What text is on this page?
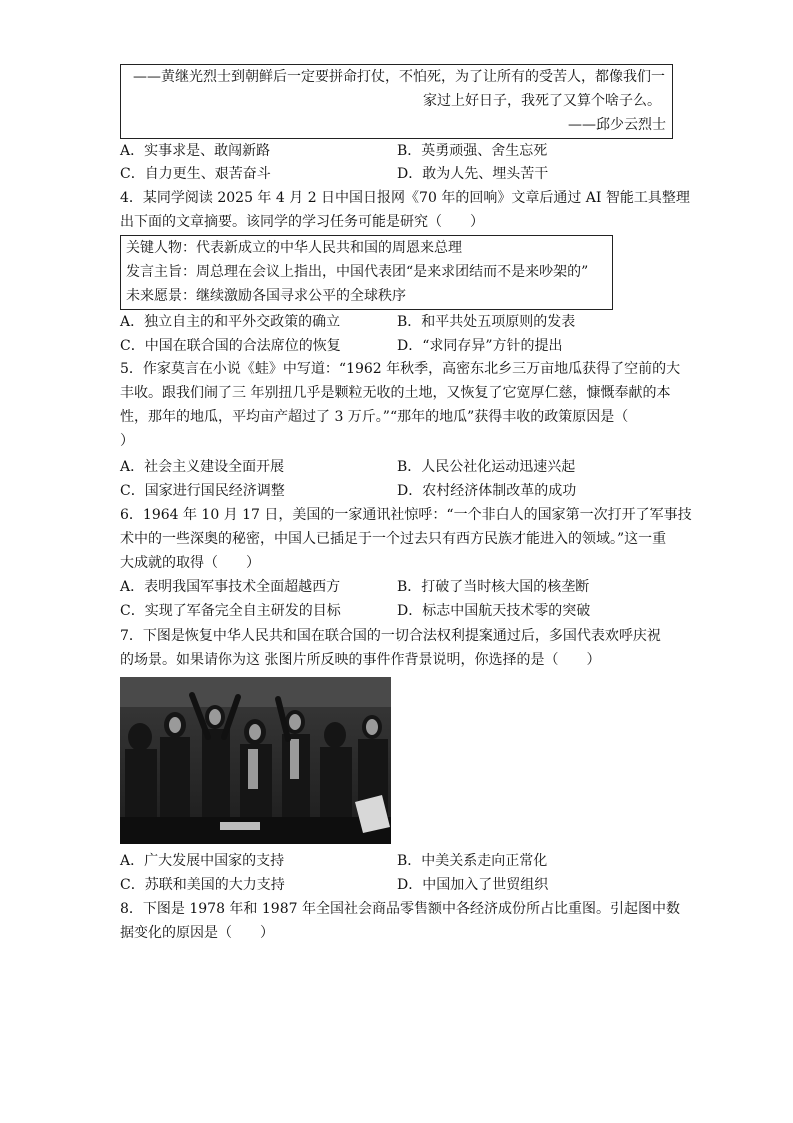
——黄继光烈士到朝鲜后一定要拼命打仗，不怕死，为了让所有的受苦人，都像我们一
家过上好日子，我死了又算个啥子么。
——邱少云烈士
A．实事求是、敢闯新路	B．英勇顽强、舍生忘死
C．自力更生、艰苦奋斗	D．敢为人先、埋头苦干
4．某同学阅读 2025 年 4 月 2 日中国日报网《70 年的回响》文章后通过 AI 智能工具整理
出下面的文章摘要。该同学的学习任务可能是研究（　　）
关键人物：代表新成立的中华人民共和国的周恩来总理
发言主旨：周总理在会议上指出，中国代表团“是来求团结而不是来吵架的”
未来愿景：继续激励各国寻求公平的全球秩序
A．独立自主的和平外交政策的确立	B．和平共处五项原则的发表
C．中国在联合国的合法席位的恢复	D．“求同存异”方针的提出
5．作家莫言在小说《蛙》中写道：“1962 年秋季，高密东北乡三万亩地瓜获得了空前的大
丰收。跟我们闹了三 年别扭几乎是颗粒无收的土地，又恢复了它宽厚仁慈，慷慨奉献的本
性，那年的地瓜，平均亩产超过了 3 万斤。”“那年的地瓜”获得丰收的政策原因是（
）
A．社会主义建设全面开展	B．人民公社化运动迅速兴起
C．国家进行国民经济调整	D．农村经济体制改革的成功
6．1964 年 10 月 17 日，美国的一家通讯社惊呼：“一个非白人的国家第一次打开了军事技
术中的一些深奥的秘密，中国人已插足于一个过去只有西方民族才能进入的领域。”这一重
大成就的取得（　　）
A．表明我国军事技术全面超越西方	B．打破了当时核大国的核垄断
C．实现了军备完全自主研发的目标	D．标志中国航天技术零的突破
7．下图是恢复中华人民共和国在联合国的一切合法权利提案通过后，多国代表欢呼庆祝
的场景。如果请你为这 张图片所反映的事件作背景说明，你选择的是（　　）
A．广大发展中国家的支持	B．中美关系走向正常化
C．苏联和美国的大力支持	D．中国加入了世贸组织
8．下图是 1978 年和 1987 年全国社会商品零售额中各经济成份所占比重图。引起图中数
据变化的原因是（　　）
